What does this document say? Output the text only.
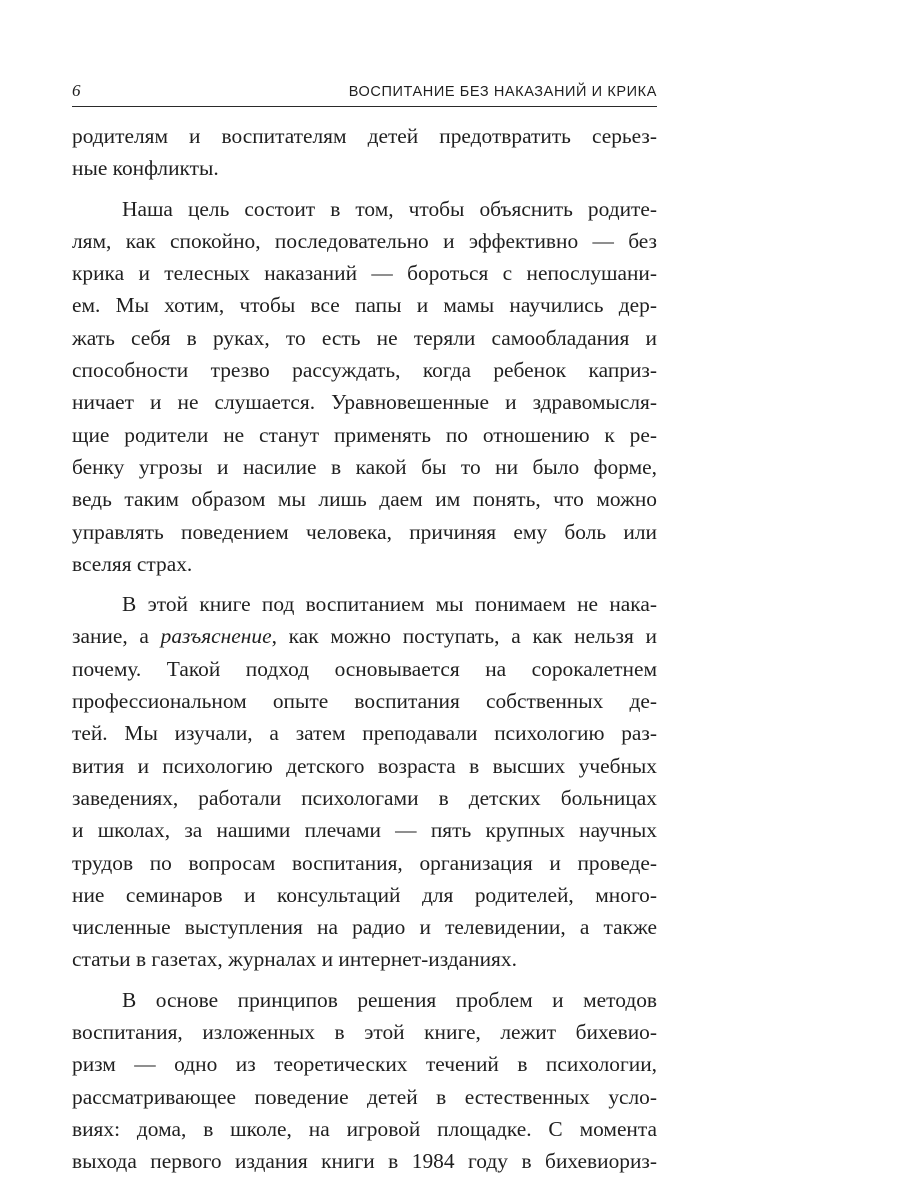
6	ВОСПИТАНИЕ БЕЗ НАКАЗАНИЙ И КРИКА
родителям и воспитателям детей предотвратить серьез-
ные конфликты.
Наша цель состоит в том, чтобы объяснить родите-
лям, как спокойно, последовательно и эффективно — без
крика и телесных наказаний — бороться с непослушани-
ем. Мы хотим, чтобы все папы и мамы научились дер-
жать себя в руках, то есть не теряли самообладания и
способности трезво рассуждать, когда ребенок каприз-
ничает и не слушается. Уравновешенные и здравомысля-
щие родители не станут применять по отношению к ре-
бенку угрозы и насилие в какой бы то ни было форме,
ведь таким образом мы лишь даем им понять, что можно
управлять поведением человека, причиняя ему боль или
вселяя страх.
В этой книге под воспитанием мы понимаем не нака-
зание, а разъяснение, как можно поступать, а как нельзя и
почему. Такой подход основывается на сорокалетнем
профессиональном опыте воспитания собственных де-
тей. Мы изучали, а затем преподавали психологию раз-
вития и психологию детского возраста в высших учебных
заведениях, работали психологами в детских больницах
и школах, за нашими плечами — пять крупных научных
трудов по вопросам воспитания, организация и проведе-
ние семинаров и консультаций для родителей, много-
численные выступления на радио и телевидении, а также
статьи в газетах, журналах и интернет-изданиях.
В основе принципов решения проблем и методов
воспитания, изложенных в этой книге, лежит бихевио-
ризм — одно из теоретических течений в психологии,
рассматривающее поведение детей в естественных усло-
виях: дома, в школе, на игровой площадке. С момента
выхода первого издания книги в 1984 году в бихевиориз-
